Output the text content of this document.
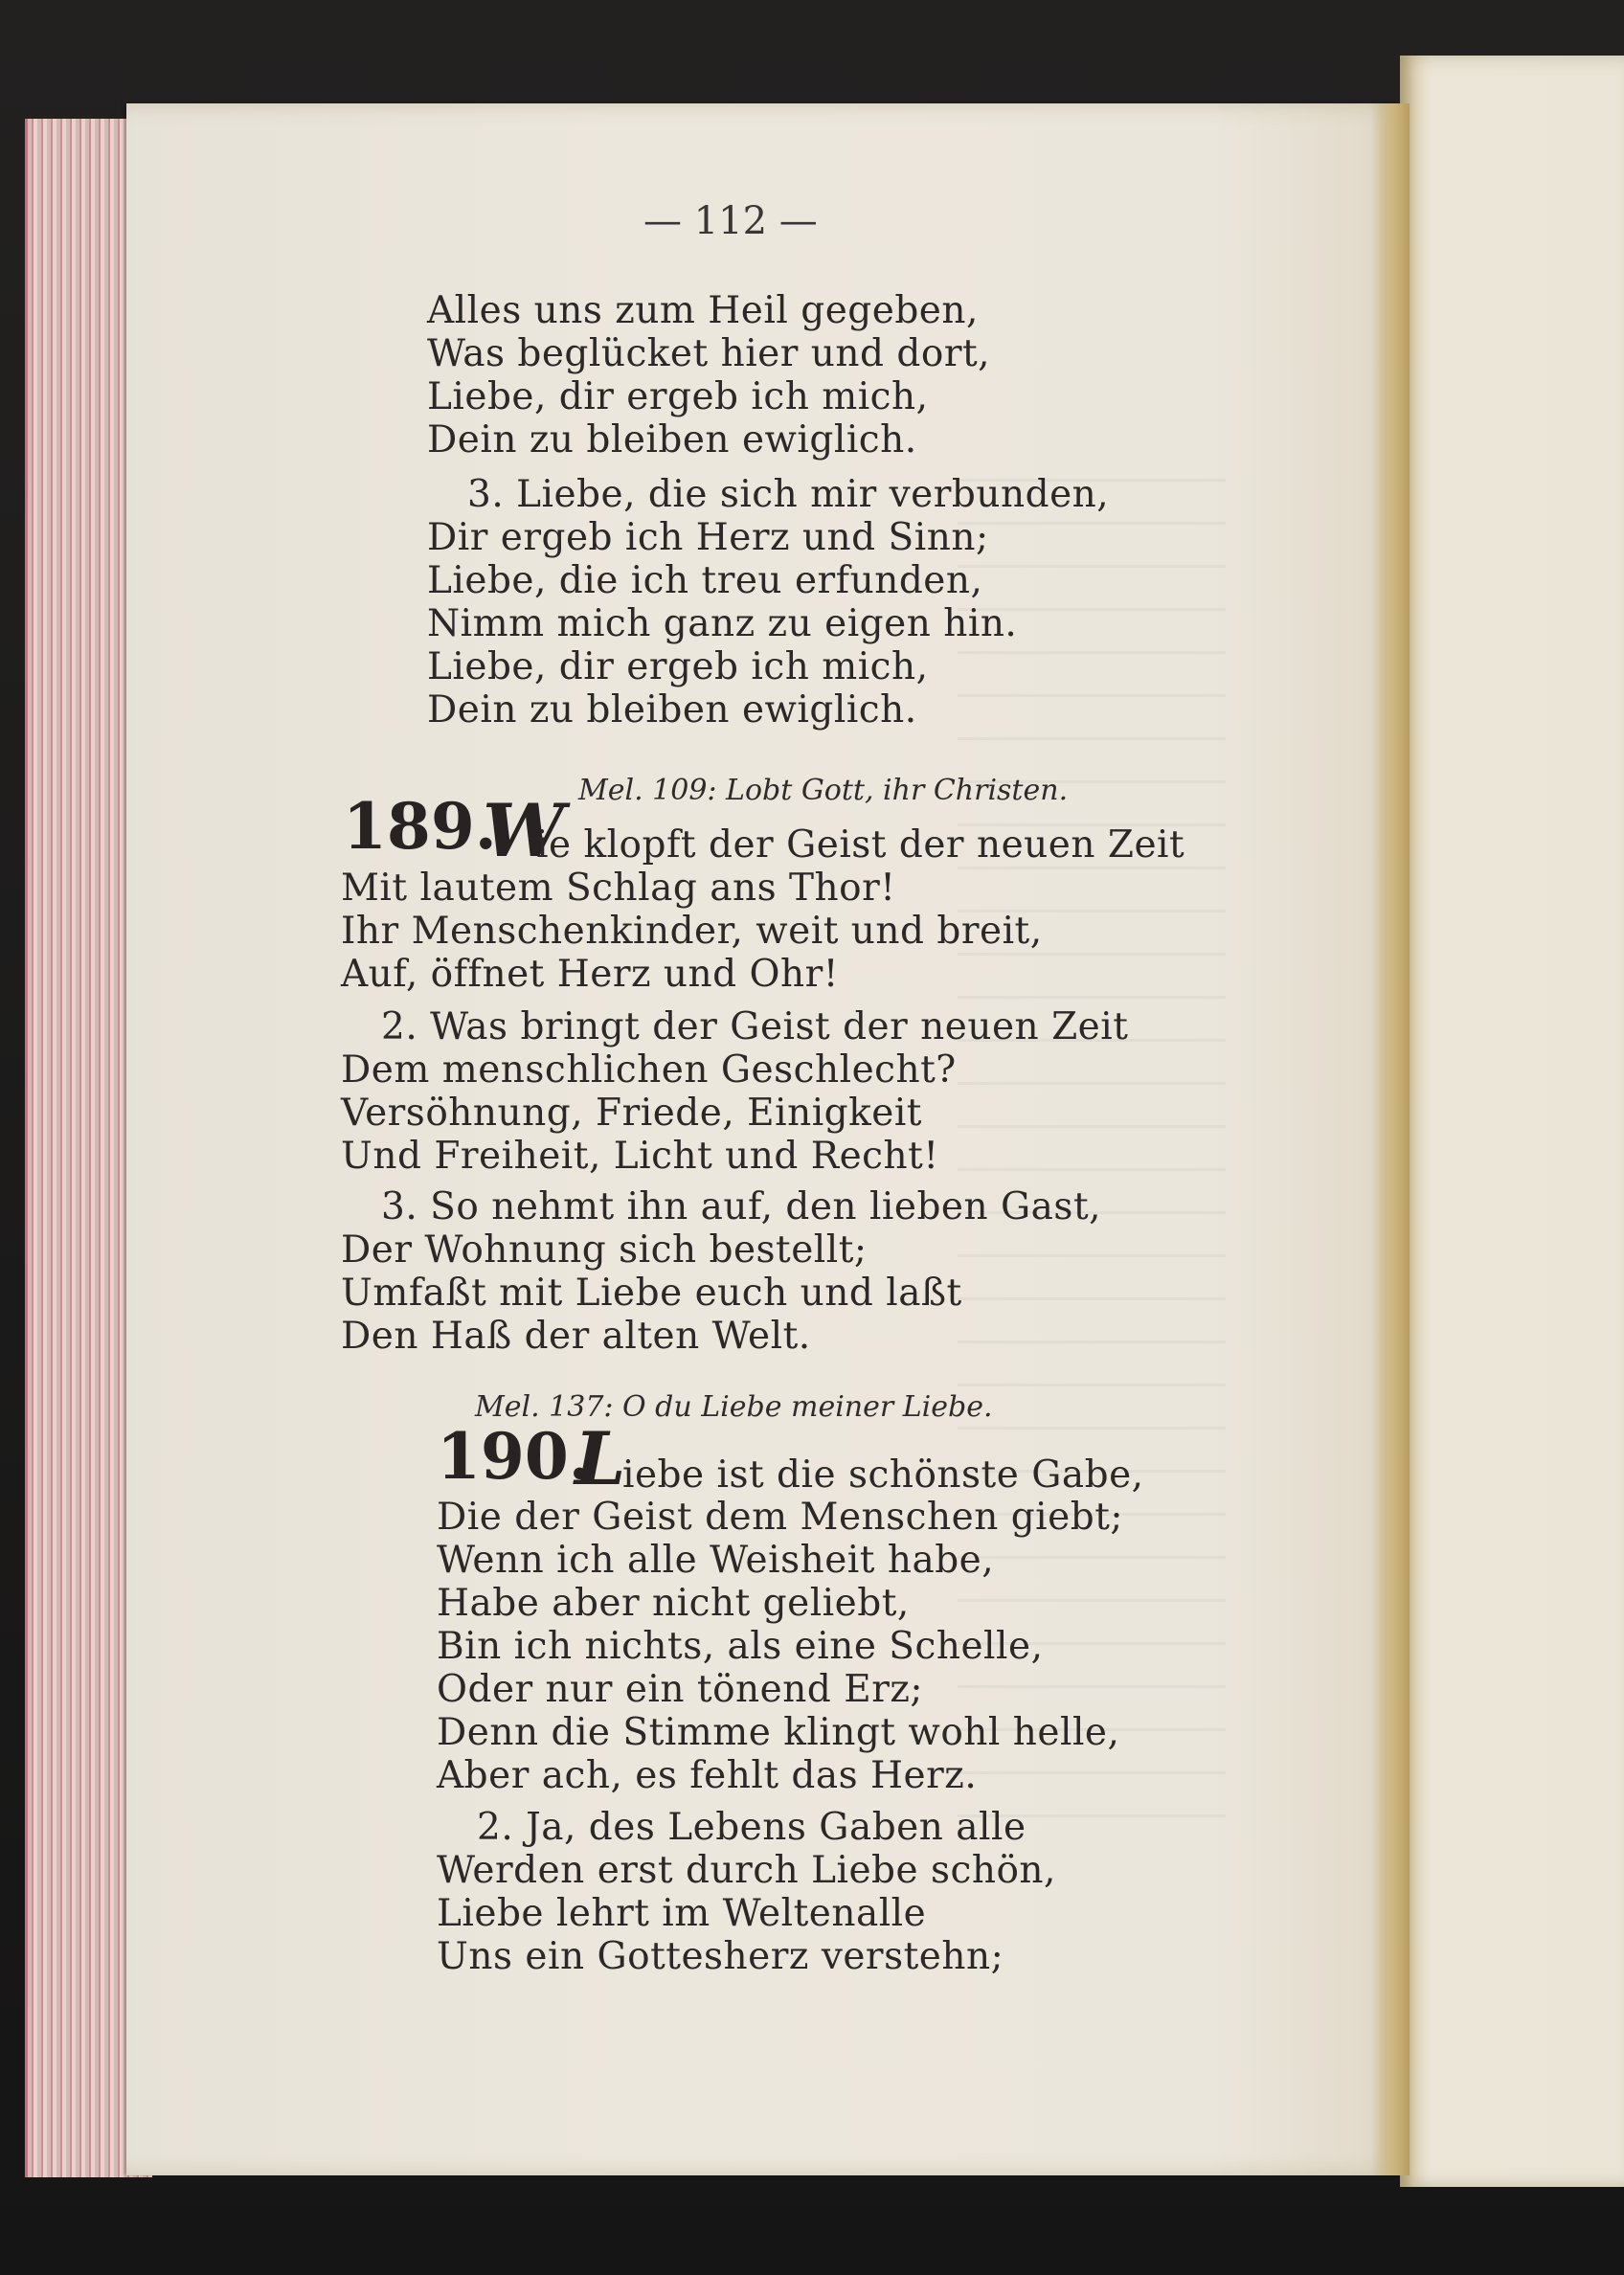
— 112 —
Alles uns zum Heil gegeben,
Was beglücket hier und dort,
Liebe, dir ergeb ich mich,
Dein zu bleiben ewiglich.
3. Liebe, die sich mir verbunden,
Dir ergeb ich Herz und Sinn;
Liebe, die ich treu erfunden,
Nimm mich ganz zu eigen hin.
Liebe, dir ergeb ich mich,
Dein zu bleiben ewiglich.
Mel. 109: Lobt Gott, ihr Christen.
189.
W
ie klopft der Geist der neuen Zeit
Mit lautem Schlag ans Thor!
Ihr Menschenkinder, weit und breit,
Auf, öffnet Herz und Ohr!
2. Was bringt der Geist der neuen Zeit
Dem menschlichen Geschlecht?
Versöhnung, Friede, Einigkeit
Und Freiheit, Licht und Recht!
3. So nehmt ihn auf, den lieben Gast,
Der Wohnung sich bestellt;
Umfaßt mit Liebe euch und laßt
Den Haß der alten Welt.
Mel. 137: O du Liebe meiner Liebe.
190.
L
iebe ist die schönste Gabe,
Die der Geist dem Menschen giebt;
Wenn ich alle Weisheit habe,
Habe aber nicht geliebt,
Bin ich nichts, als eine Schelle,
Oder nur ein tönend Erz;
Denn die Stimme klingt wohl helle,
Aber ach, es fehlt das Herz.
2. Ja, des Lebens Gaben alle
Werden erst durch Liebe schön,
Liebe lehrt im Weltenalle
Uns ein Gottesherz verstehn;
